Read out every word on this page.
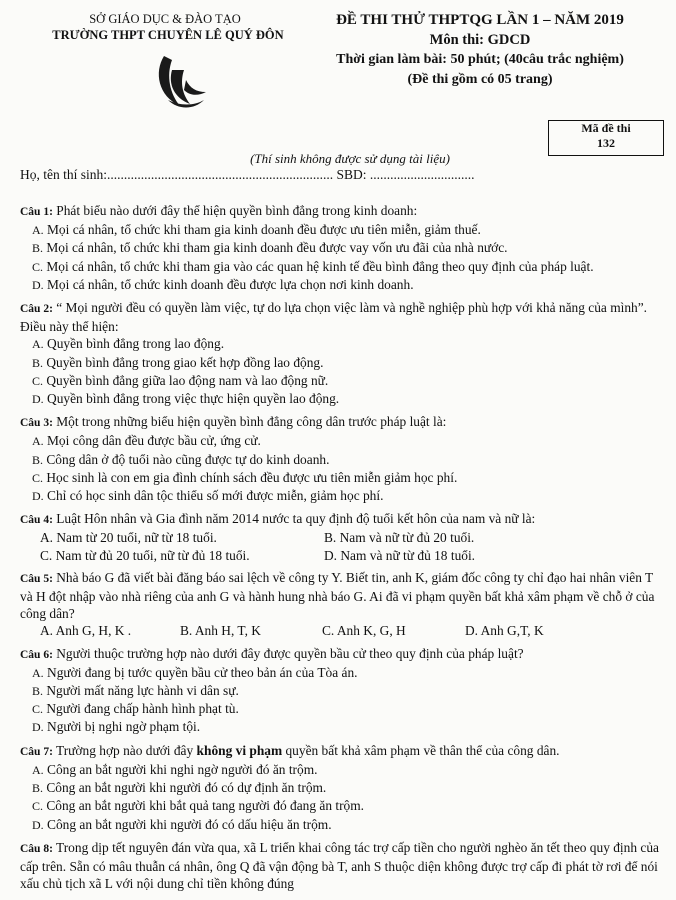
SỞ GIÁO DỤC & ĐÀO TẠO
TRƯỜNG THPT CHUYÊN LÊ QUÝ ĐÔN
ĐỀ THI THỬ THPTQG LẦN 1 – NĂM 2019
Môn thi: GDCD
Thời gian làm bài: 50 phút; (40câu trắc nghiệm)
(Đề thi gồm có 05 trang)
Mã đề thi
132
(Thí sinh không được sử dụng tài liệu)
Họ, tên thí sinh:................................................................... SBD: ...............................
Câu 1: Phát biểu nào dưới đây thể hiện quyền bình đẳng trong kinh doanh:
A. Mọi cá nhân, tổ chức khi tham gia kinh doanh đều được ưu tiên miễn, giảm thuế.
B. Mọi cá nhân, tổ chức khi tham gia kinh doanh đều được vay vốn ưu đãi của nhà nước.
C. Mọi cá nhân, tổ chức khi tham gia vào các quan hệ kinh tế đều bình đẳng theo quy định của pháp luật.
D. Mọi cá nhân, tổ chức kinh doanh đều được lựa chọn nơi kinh doanh.
Câu 2: “ Mọi người đều có quyền làm việc, tự do lựa chọn việc làm và nghề nghiệp phù hợp với khả năng của mình”. Điều này thể hiện:
A. Quyền bình đẳng trong lao động.
B. Quyền bình đẳng trong giao kết hợp đồng lao động.
C. Quyền bình đẳng giữa lao động nam và lao động nữ.
D. Quyền bình đẳng trong việc thực hiện quyền lao động.
Câu 3: Một trong những biểu hiện quyền bình đẳng công dân trước pháp luật là:
A. Mọi công dân đều được bầu cử, ứng cử.
B. Công dân ở độ tuổi nào cũng được tự do kinh doanh.
C. Học sinh là con em gia đình chính sách đều được ưu tiên miễn giảm học phí.
D. Chỉ có học sinh dân tộc thiểu số mới được miễn, giảm học phí.
Câu 4: Luật Hôn nhân và Gia đình năm 2014 nước ta quy định độ tuổi kết hôn của nam và nữ là:
A. Nam từ 20 tuổi, nữ từ 18 tuổi.	B. Nam và nữ từ đủ 20 tuổi.
C. Nam từ đủ 20 tuổi, nữ từ đủ 18 tuổi.	D. Nam và nữ từ đủ 18 tuổi.
Câu 5: Nhà báo G đã viết bài đăng báo sai lệch về công ty Y. Biết tin, anh K, giám đốc công ty chỉ đạo hai nhân viên T và H đột nhập vào nhà riêng của anh G và hành hung nhà báo G. Ai đã vi phạm quyền bất khả xâm phạm về chỗ ở của công dân?
A. Anh G, H, K .	B. Anh H, T, K	C. Anh K, G, H	D. Anh G,T, K
Câu 6: Người thuộc trường hợp nào dưới đây được quyền bầu cử theo quy định của pháp luật?
A. Người đang bị tước quyền bầu cử theo bản án của Tòa án.
B. Người mất năng lực hành vi dân sự.
C. Người đang chấp hành hình phạt tù.
D. Người bị nghi ngờ phạm tội.
Câu 7: Trường hợp nào dưới đây không vi phạm quyền bất khả xâm phạm về thân thể của công dân.
A. Công an bắt người khi nghi ngờ người đó ăn trộm.
B. Công an bắt người khi người đó có dự định ăn trộm.
C. Công an bắt người khi bắt quả tang người đó đang ăn trộm.
D. Công an bắt người khi người đó có dấu hiệu ăn trộm.
Câu 8: Trong dịp tết nguyên đán vừa qua, xã L triển khai công tác trợ cấp tiền cho người nghèo ăn tết theo quy định của cấp trên. Sẵn có mâu thuẫn cá nhân, ông Q đã vận động bà T, anh S thuộc diện không được trợ cấp đi phát tờ rơi để nói xấu chủ tịch xã L với nội dung chỉ tiền không đúng
